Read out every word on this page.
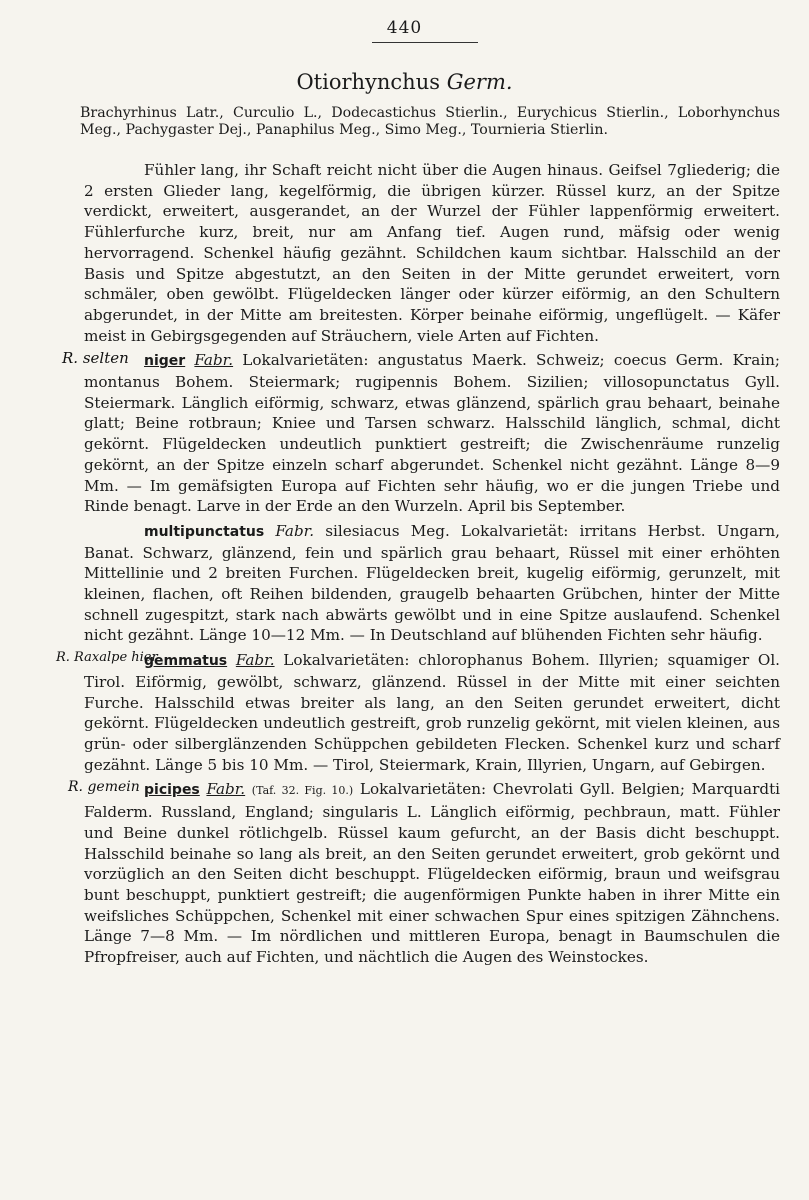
440
Otiorhynchus Germ.
Brachyrhinus Latr., Curculio L., Dodecastichus Stierlin., Eurychicus Stierlin., Loborhynchus Meg., Pachygaster Dej., Panaphilus Meg., Simo Meg., Tournieria Stierlin.

Fühler lang, ihr Schaft reicht nicht über die Augen hinaus. Geifsel 7gliederig; die 2 ersten Glieder lang, kegelförmig, die übrigen kürzer. Rüssel kurz, an der Spitze verdickt, erweitert, ausgerandet, an der Wurzel der Fühler lappenförmig erweitert. Fühlerfurche kurz, breit, nur am Anfang tief. Augen rund, mäfsig oder wenig hervorragend. Schenkel häufig gezähnt. Schildchen kaum sichtbar. Halsschild an der Basis und Spitze abgestutzt, an den Seiten in der Mitte gerundet erweitert, vorn schmäler, oben gewölbt. Flügeldecken länger oder kürzer eiförmig, an den Schultern abgerundet, in der Mitte am breitesten. Körper beinahe eiförmig, ungeflügelt. — Käfer meist in Gebirgsgegenden auf Sträuchern, viele Arten auf Fichten.

R. selten	niger Fabr. Lokalvarietäten: angustatus Maerk. Schweiz; coecus Germ. Krain; montanus Bohem. Steiermark; rugipennis Bohem. Sizilien; villosopunctatus Gyll. Steiermark. Länglich eiförmig, schwarz, etwas glänzend, spärlich grau behaart, beinahe glatt; Beine rotbraun; Kniee und Tarsen schwarz. Halsschild länglich, schmal, dicht gekörnt. Flügeldecken undeutlich punktiert gestreift; die Zwischenräume runzelig gekörnt, an der Spitze einzeln scharf abgerundet. Schenkel nicht gezähnt. Länge 8—9 Mm. — Im gemäfsigten Europa auf Fichten sehr häufig, wo er die jungen Triebe und Rinde benagt. Larve in der Erde an den Wurzeln. April bis September.

multipunctatus Fabr. silesiacus Meg. Lokalvarietät: irritans Herbst. Ungarn, Banat. Schwarz, glänzend, fein und spärlich grau behaart, Rüssel mit einer erhöhten Mittellinie und 2 breiten Furchen. Flügeldecken breit, kugelig eiförmig, gerunzelt, mit kleinen, flachen, oft Reihen bildenden, graugelb behaarten Grübchen, hinter der Mitte schnell zugespitzt, stark nach abwärts gewölbt und in eine Spitze auslaufend. Schenkel nicht gezähnt. Länge 10—12 Mm. — In Deutschland auf blühenden Fichten sehr häufig.

R. Raxalpe hier

gemmatus Fabr. Lokalvarietäten: chlorophanus Bohem. Illyrien; squamiger Ol. Tirol. Eiförmig, gewölbt, schwarz, glänzend. Rüssel in der Mitte mit einer seichten Furche. Halsschild etwas breiter als lang, an den Seiten gerundet erweitert, dicht gekörnt. Flügeldecken undeutlich gestreift, grob runzelig gekörnt, mit vielen kleinen, aus grün- oder silberglänzenden Schüppchen gebildeten Flecken. Schenkel kurz und scharf gezähnt. Länge 5 bis 10 Mm. — Tirol, Steiermark, Krain, Illyrien, Ungarn, auf Gebirgen.

R. gemein picipes Fabr. (Taf. 32. Fig. 10.) Lokalvarietäten: Chevrolati Gyll. Belgien; Marquardti Falderm. Russland, England; singularis L. Länglich eiförmig, pechbraun, matt. Fühler und Beine dunkel rötlichgelb. Rüssel kaum gefurcht, an der Basis dicht beschuppt. Halsschild beinahe so lang als breit, an den Seiten gerundet erweitert, grob gekörnt und vorzüglich an den Seiten dicht beschuppt. Flügeldecken eiförmig, braun und weifsgrau bunt beschuppt, punktiert gestreift; die augenförmigen Punkte haben in ihrer Mitte ein weifsliches Schüppchen, Schenkel mit einer schwachen Spur eines spitzigen Zähnchens. Länge 7—8 Mm. — Im nördlichen und mittleren Europa, benagt in Baumschulen die Pfropfreiser, auch auf Fichten, und nächtlich die Augen des Weinstockes.
